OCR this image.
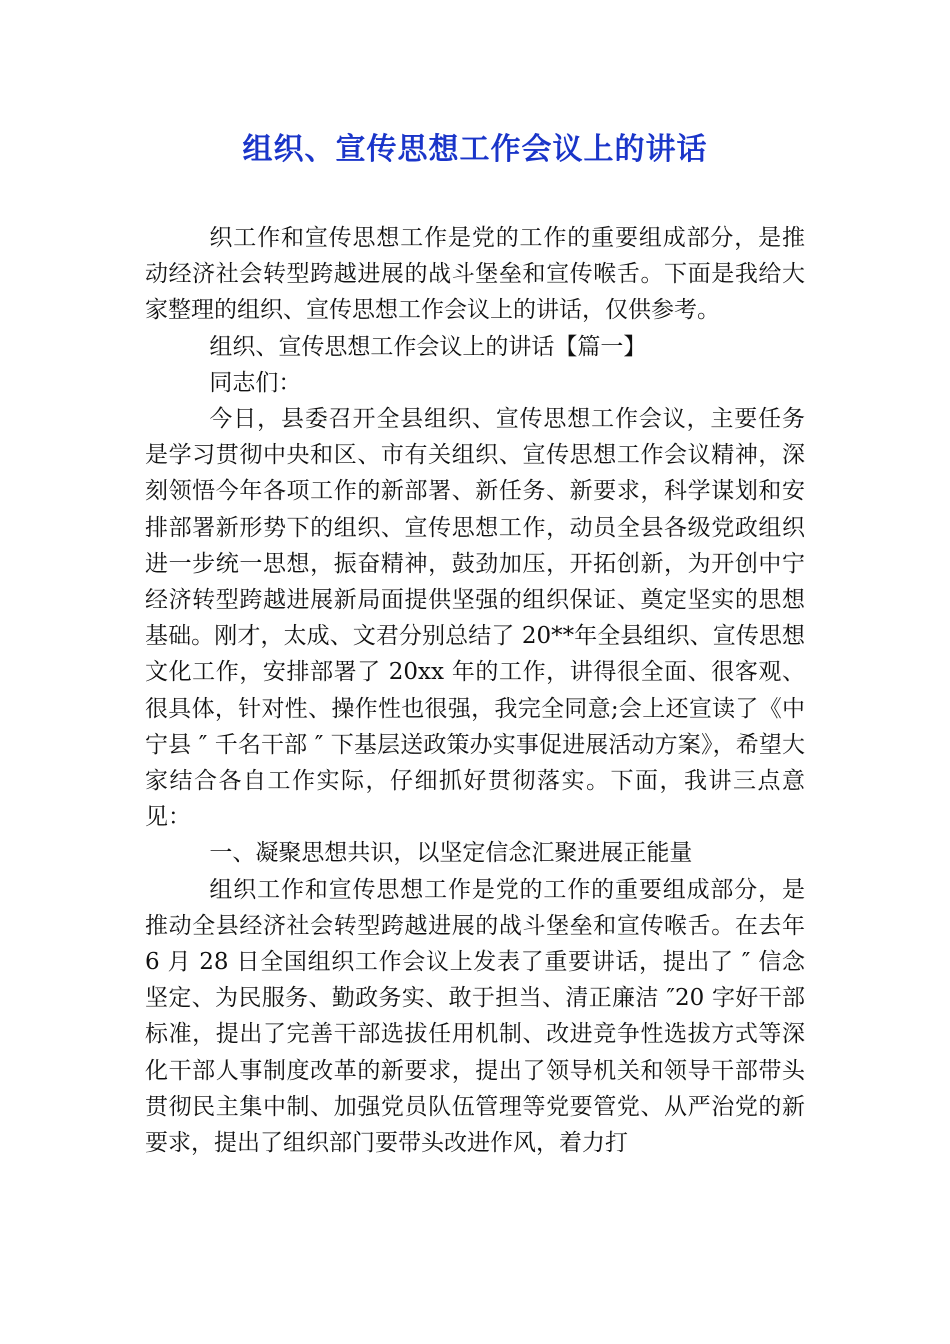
组织、宣传思想工作会议上的讲话

织工作和宣传思想工作是党的工作的重要组成部分，是推动经济社会转型跨越进展的战斗堡垒和宣传喉舌。下面是我给大家整理的组织、宣传思想工作会议上的讲话，仅供参考。

组织、宣传思想工作会议上的讲话【篇一】

同志们：

今日，县委召开全县组织、宣传思想工作会议，主要任务是学习贯彻中央和区、市有关组织、宣传思想工作会议精神，深刻领悟今年各项工作的新部署、新任务、新要求，科学谋划和安排部署新形势下的组织、宣传思想工作，动员全县各级党政组织进一步统一思想，振奋精神，鼓劲加压，开拓创新，为开创中宁经济转型跨越进展新局面提供坚强的组织保证、奠定坚实的思想基础。刚才，太成、文君分别总结了 20**年全县组织、宣传思想文化工作，安排部署了 20xx 年的工作，讲得很全面、很客观、很具体，针对性、操作性也很强，我完全同意;会上还宣读了《中宁县 ″ 千名干部 ″ 下基层送政策办实事促进展活动方案》，希望大家结合各自工作实际，仔细抓好贯彻落实。下面，我讲三点意见：

一、凝聚思想共识，以坚定信念汇聚进展正能量

组织工作和宣传思想工作是党的工作的重要组成部分，是推动全县经济社会转型跨越进展的战斗堡垒和宣传喉舌。在去年 6 月 28 日全国组织工作会议上发表了重要讲话，提出了 ″ 信念坚定、为民服务、勤政务实、敢于担当、清正廉洁 ″20 字好干部标准，提出了完善干部选拔任用机制、改进竞争性选拔方式等深化干部人事制度改革的新要求，提出了领导机关和领导干部带头贯彻民主集中制、加强党员队伍管理等党要管党、从严治党的新要求，提出了组织部门要带头改进作风，着力打
